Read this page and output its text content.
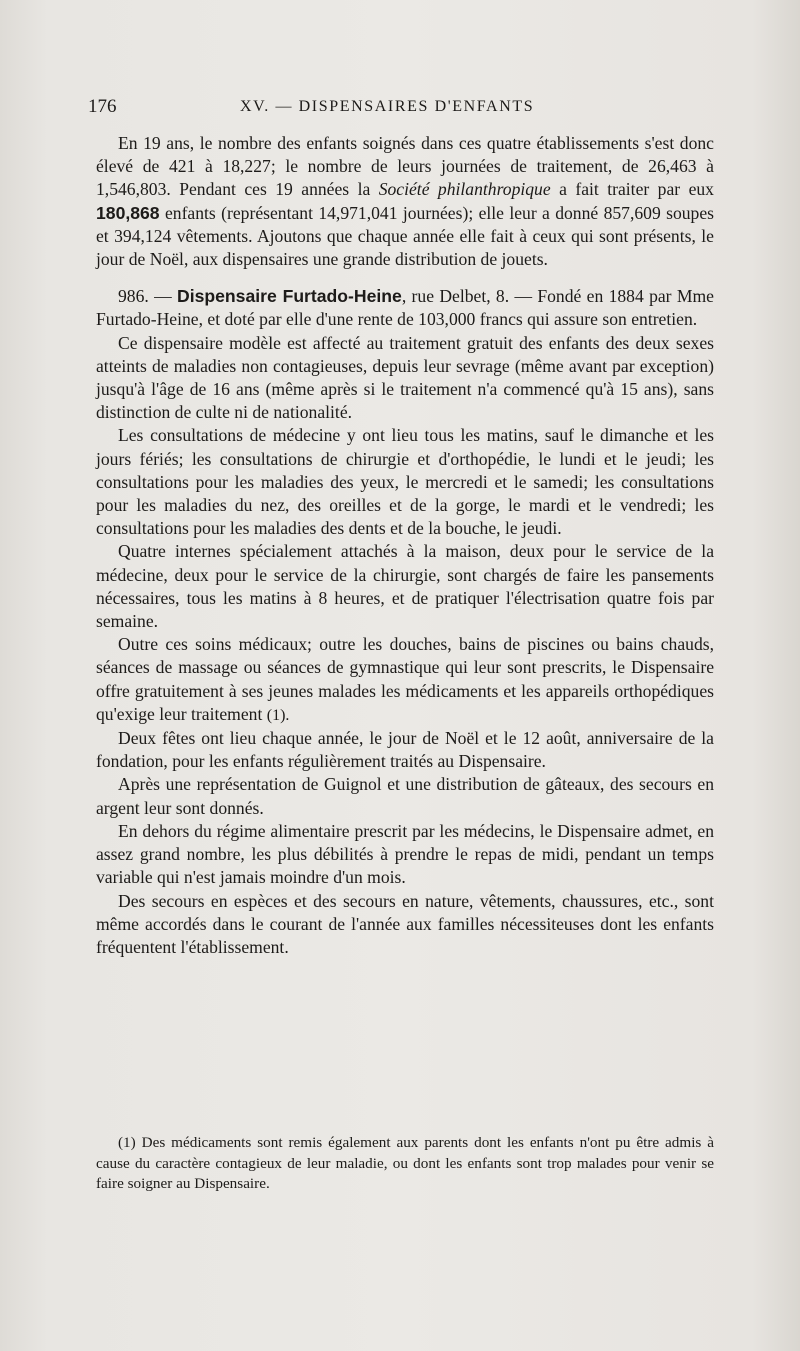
176	XV. — DISPENSAIRES D'ENFANTS

En 19 ans, le nombre des enfants soignés dans ces quatre établissements s'est donc élevé de 421 à 18,227; le nombre de leurs journées de traitement, de 26,463 à 1,546,803. Pendant ces 19 années la Société philanthropique a fait traiter par eux 180,868 enfants (représentant 14,971,041 journées); elle leur a donné 857,609 soupes et 394,124 vêtements. Ajoutons que chaque année elle fait à ceux qui sont présents, le jour de Noël, aux dispensaires une grande distribution de jouets.

986. — Dispensaire Furtado-Heine, rue Delbet, 8. — Fondé en 1884 par Mme Furtado-Heine, et doté par elle d'une rente de 103,000 francs qui assure son entretien.

Ce dispensaire modèle est affecté au traitement gratuit des enfants des deux sexes atteints de maladies non contagieuses, depuis leur sevrage (même avant par exception) jusqu'à l'âge de 16 ans (même après si le traitement n'a commencé qu'à 15 ans), sans distinction de culte ni de nationalité.

Les consultations de médecine y ont lieu tous les matins, sauf le dimanche et les jours fériés; les consultations de chirurgie et d'orthopédie, le lundi et le jeudi; les consultations pour les maladies des yeux, le mercredi et le samedi; les consultations pour les maladies du nez, des oreilles et de la gorge, le mardi et le vendredi; les consultations pour les maladies des dents et de la bouche, le jeudi.

Quatre internes spécialement attachés à la maison, deux pour le service de la médecine, deux pour le service de la chirurgie, sont chargés de faire les pansements nécessaires, tous les matins à 8 heures, et de pratiquer l'électrisation quatre fois par semaine.

Outre ces soins médicaux; outre les douches, bains de piscines ou bains chauds, séances de massage ou séances de gymnastique qui leur sont prescrits, le Dispensaire offre gratuitement à ses jeunes malades les médicaments et les appareils orthopédiques qu'exige leur traitement (1).

Deux fêtes ont lieu chaque année, le jour de Noël et le 12 août, anniversaire de la fondation, pour les enfants régulièrement traités au Dispensaire.

Après une représentation de Guignol et une distribution de gâteaux, des secours en argent leur sont donnés.

En dehors du régime alimentaire prescrit par les médecins, le Dispensaire admet, en assez grand nombre, les plus débilités à prendre le repas de midi, pendant un temps variable qui n'est jamais moindre d'un mois.

Des secours en espèces et des secours en nature, vêtements, chaussures, etc., sont même accordés dans le courant de l'année aux familles nécessiteuses dont les enfants fréquentent l'établissement.

(1) Des médicaments sont remis également aux parents dont les enfants n'ont pu être admis à cause du caractère contagieux de leur maladie, ou dont les enfants sont trop malades pour venir se faire soigner au Dispensaire.
